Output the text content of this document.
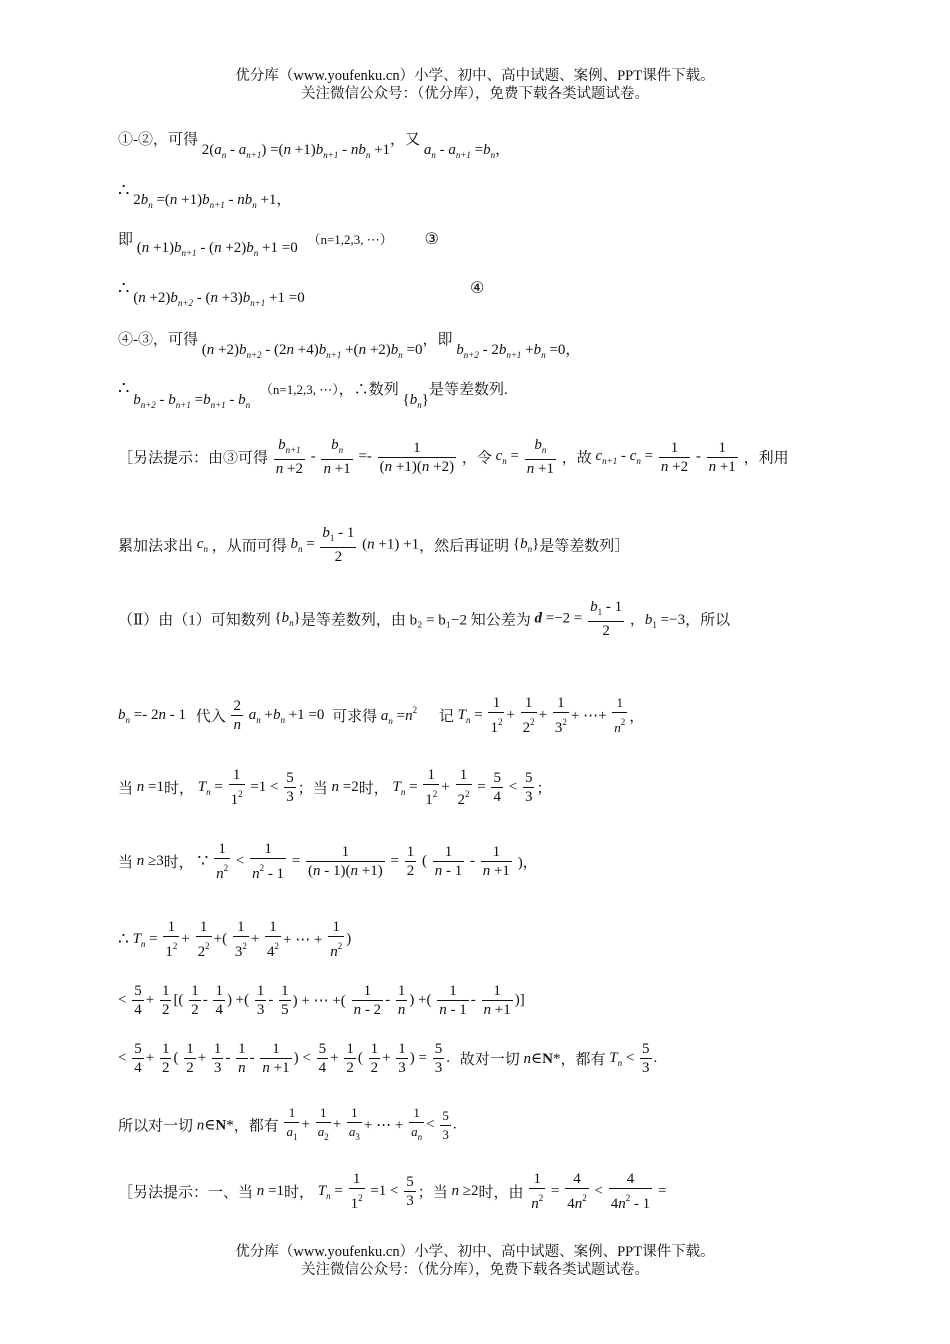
优分库（www.youfenku.cn）小学、初中、高中试题、案例、PPT课件下载。
关注微信公众号：（优分库），免费下载各类试题试卷。
①-②，可得 $2(a_n - a_{n+1}) =(n +1)b_{n+1} - nb_n +1$，又 $a_n - a_{n+1} =b_n$，
∴ $2b_n =(n +1)b_{n+1} - nb_n +1$，
即 $(n +1)b_{n+1} - (n +2)b_n +1 =0$ （n=1,2,3, ⋯） ③
∴ $(n +2)b_{n+2} - (n +3)b_{n+1} +1 =0$
④
④-③，可得 $(n +2)b_{n+2} - (2n +4)b_{n+1} +(n +2)b_n =0$，即 $b_{n+2} - 2b_{n+1} +b_n =0$，
∴ $b_{n+2} - b_{n+1} =b_{n+1} - b_n$ （n=1,2,3, ⋯），∴数列 $\{b_n\}$是等差数列.
［另法提示：由③可得 $\frac{b_{n+1}}{n +2} - \frac{b_n}{n +1} =- \frac{1}{(n +1)(n +2)}$ ，令 $c_n = \frac{b_n}{n +1}$ ，故 $c_{n+1} - c_n = \frac{1}{n +2} - \frac{1}{n +1}$ ，利用
累加法求出 $c_n$ ，从而可得 $b_n = \frac{b_1 - 1}{2} (n +1) +1$，然后再证明 $\{b_n\}$是等差数列］
（Ⅱ）由（1）可知数列 $\{b_n\}$是等差数列，由 b₂ = b₁−2 知公差为 $d =-2 = \frac{b_1 - 1}{2}$ ，$b_1 =-3$，所以
$b_n =- 2n - 1$ 代入 $\frac{2}{n} a_n +b_n +1 =0$ 可求得 $a_n =n^2$ 记 $T_n = \frac{1}{1^2} + \frac{1}{2^2} + \frac{1}{3^2}$ + ⋯+ $\frac{1}{n^2}$ ，
当 n =1时， $T_n = \frac{1}{1^2} =1 < \frac{5}{3}$ ；当 n =2时， $T_n = \frac{1}{1^2} + \frac{1}{2^2} = \frac{5}{4} < \frac{5}{3}$ ；
当 n ≥3时， ∵ $\frac{1}{n^2} < \frac{1}{n^2 - 1} = \frac{1}{(n - 1)(n +1)} = \frac{1}{2}$ ( $\frac{1}{n - 1} - \frac{1}{n +1}$ )，
∴ $T_n = \frac{1}{1^2} + \frac{1}{2^2}$ +( $\frac{1}{3^2} + \frac{1}{4^2}$ + ⋯ + $\frac{1}{n^2}$ )
< $\frac{5}{4} + \frac{1}{2}$ [( $\frac{1}{2} - \frac{1}{4}$ ) +( $\frac{1}{3} - \frac{1}{5}$ ) + ⋯ +( $\frac{1}{n - 2} - \frac{1}{n}$ ) +( $\frac{1}{n - 1} - \frac{1}{n +1}$ )]
< $\frac{5}{4} + \frac{1}{2}$ ( $\frac{1}{2} + \frac{1}{3} - \frac{1}{n} - \frac{1}{n +1}$ ) < $\frac{5}{4} + \frac{1}{2}$ ( $\frac{1}{2} + \frac{1}{3}$ ) = $\frac{5}{3}$ . 故对一切 n∈N*，都有 $T_n < \frac{5}{3}$ .
所以对一切 n∈N*，都有 $\frac{1}{a_1} + \frac{1}{a_2} + \frac{1}{a_3}$ + ⋯ + $\frac{1}{a_n} < \frac{5}{3}$ .
［另法提示：一、当 n =1时， $T_n = \frac{1}{1^2} =1 < \frac{5}{3}$ ；当 n ≥2时，由 $\frac{1}{n^2} = \frac{4}{4n^2} < \frac{4}{4n^2 - 1}$ =
优分库（www.youfenku.cn）小学、初中、高中试题、案例、PPT课件下载。
关注微信公众号：（优分库），免费下载各类试题试卷。
